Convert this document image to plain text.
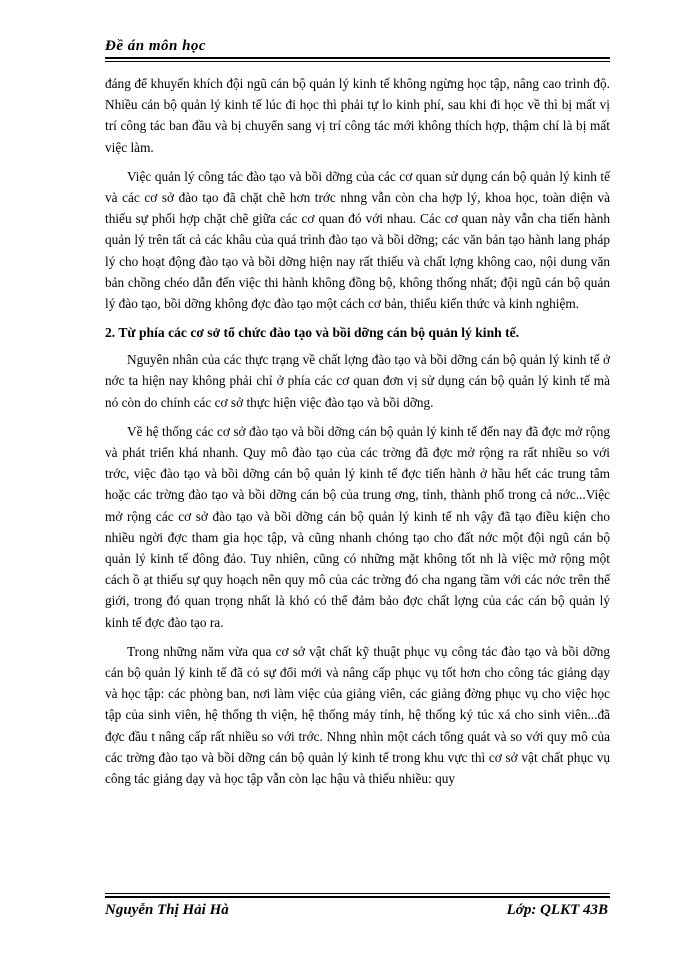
Đề án môn học

đáng để khuyến khích đội ngũ cán bộ quản lý kinh tế không ngừng học tập, nâng cao trình độ. Nhiều cán bộ quản lý kinh tế lúc đi học thì phải tự lo kinh phí, sau khi đi học về thì bị mất vị trí công tác ban đầu và bị chuyển sang vị trí công tác mới không thích hợp, thậm chí là bị mất việc làm.

Việc quản lý công tác đào tạo và bồi dỡng của các cơ quan sử dụng cán bộ quản lý kinh tế và các cơ sở đào tạo đã chặt chẽ hơn trớc nhng vẫn còn cha hợp lý, khoa học, toàn diện và thiếu sự phối hợp chặt chẽ giữa các cơ quan đó với nhau. Các cơ quan này vẫn cha tiến hành quản lý trên tất cả các khâu của quá trình đào tạo và bồi dỡng; các văn bản tạo hành lang pháp lý cho hoạt động đào tạo và bồi dỡng hiện nay rất thiếu và chất lợng không cao, nội dung văn bản chồng chéo dẫn đến việc thi hành không đồng bộ, không thống nhất; đội ngũ cán bộ quản lý đào tạo, bồi dỡng không đợc đào tạo một cách cơ bản, thiếu kiến thức và kinh nghiệm.

2. Từ phía các cơ sở tổ chức đào tạo và bồi dỡng cán bộ quản lý kinh tế.

Nguyên nhân của các thực trạng về chất lợng đào tạo và bồi dỡng cán bộ quản lý kinh tế ở nớc ta hiện nay không phải chỉ ở phía các cơ quan đơn vị sử dụng cán bộ quản lý kinh tế mà nó còn do chính các cơ sở thực hiện việc đào tạo và bồi dỡng.

Về hệ thống các cơ sở đào tạo và bồi dỡng cán bộ quản lý kinh tế đến nay đã đợc mở rộng và phát triển khá nhanh. Quy mô đào tạo của các trờng đã đợc mở rộng ra rất nhiều so với trớc, việc đào tạo và bồi dỡng cán bộ quản lý kinh tế đợc tiến hành ở hầu hết các trung tâm hoặc các trờng đào tạo và bồi dỡng cán bộ của trung ơng, tỉnh, thành phố trong cả nớc...Việc mở rộng các cơ sở đào tạo và bồi dỡng cán bộ quản lý kinh tế nh vậy đã tạo điều kiện cho nhiều ngời đợc tham gia học tập, và cũng nhanh chóng tạo cho đất nớc một đội ngũ cán bộ quản lý kinh tế đông đảo. Tuy nhiên, cũng có những mặt không tốt nh là việc mở rộng một cách ồ ạt thiếu sự quy hoạch nên quy mô của các trờng đó cha ngang tầm với các nớc trên thế giới, trong đó quan trọng nhất là khó có thể đảm bảo đợc chất lợng của các cán bộ quản lý kinh tế đợc đào tạo ra.

Trong những năm vừa qua cơ sở vật chất kỹ thuật phục vụ công tác đào tạo và bồi dỡng cán bộ quản lý kinh tế đã có sự đổi mới và nâng cấp phục vụ tốt hơn cho công tác giảng dạy và học tập: các phòng ban, nơi làm việc của giảng viên, các giảng đờng phục vụ cho việc học tập của sinh viên, hệ thống th viện, hệ thống máy tính, hệ thống ký túc xá cho sinh viên...đã đợc đầu t nâng cấp rất nhiều so với trớc. Nhng nhìn một cách tổng quát và so với quy mô của các trờng đào tạo và bồi dỡng cán bộ quản lý kinh tế trong khu vực thì cơ sở vật chất phục vụ công tác giảng dạy và học tập vẫn còn lạc hậu và thiếu nhiều: quy

Nguyễn Thị Hải Hà	Lớp: QLKT 43B
